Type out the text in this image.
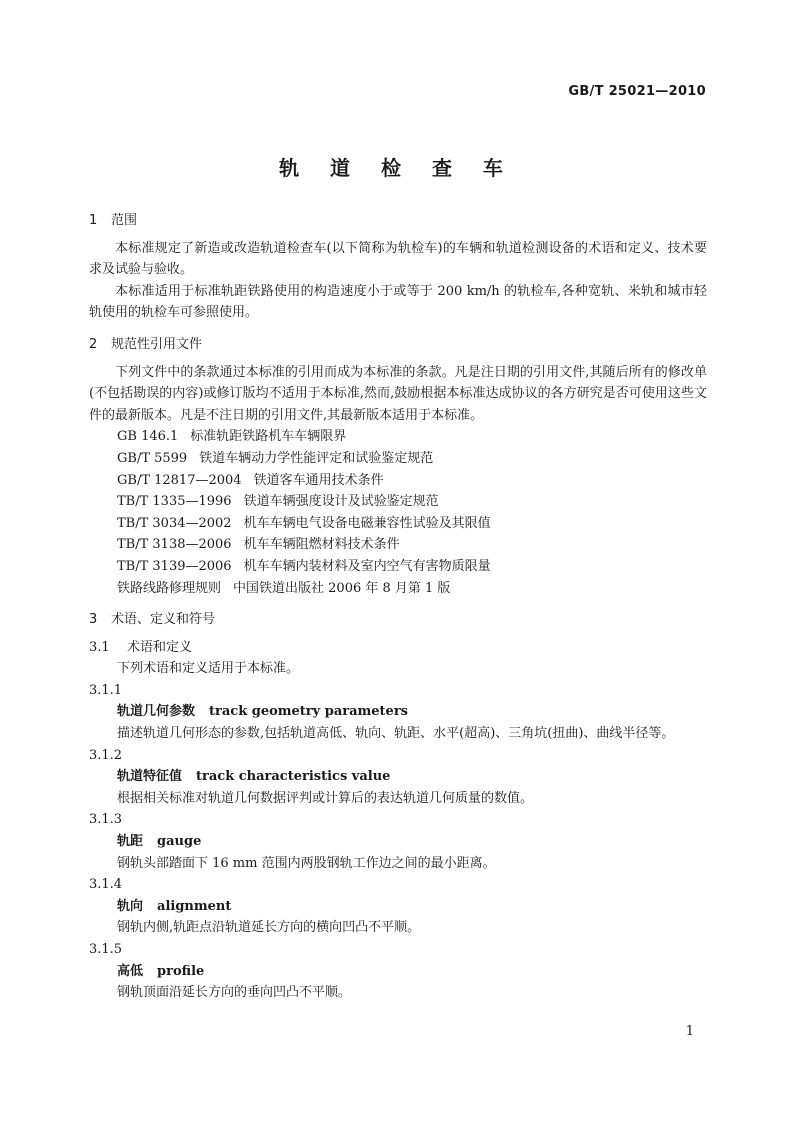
GB/T 25021—2010
轨 道 检 查 车

1 范围

本标准规定了新造或改造轨道检查车(以下简称为轨检车)的车辆和轨道检测设备的术语和定义、技术要求及试验与验收。

本标准适用于标准轨距铁路使用的构造速度小于或等于 200 km/h 的轨检车,各种宽轨、米轨和城市轻轨使用的轨检车可参照使用。

2 规范性引用文件

下列文件中的条款通过本标准的引用而成为本标准的条款。凡是注日期的引用文件,其随后所有的修改单(不包括勘误的内容)或修订版均不适用于本标准,然而,鼓励根据本标准达成协议的各方研究是否可使用这些文件的最新版本。凡是不注日期的引用文件,其最新版本适用于本标准。

GB 146.1 标准轨距铁路机车车辆限界

GB/T 5599 铁道车辆动力学性能评定和试验鉴定规范

GB/T 12817—2004 铁道客车通用技术条件

TB/T 1335—1996 铁道车辆强度设计及试验鉴定规范

TB/T 3034—2002 机车车辆电气设备电磁兼容性试验及其限值

TB/T 3138—2006 机车车辆阻燃材料技术条件

TB/T 3139—2006 机车车辆内装材料及室内空气有害物质限量

铁路线路修理规则 中国铁道出版社 2006 年 8 月第 1 版

3 术语、定义和符号

3.1 术语和定义

下列术语和定义适用于本标准。

3.1.1

轨道几何参数 track geometry parameters

描述轨道几何形态的参数,包括轨道高低、轨向、轨距、水平(超高)、三角坑(扭曲)、曲线半径等。

3.1.2

轨道特征值 track characteristics value

根据相关标准对轨道几何数据评判或计算后的表达轨道几何质量的数值。

3.1.3

轨距 gauge

钢轨头部踏面下 16 mm 范围内两股钢轨工作边之间的最小距离。

3.1.4

轨向 alignment

钢轨内侧,轨距点沿轨道延长方向的横向凹凸不平顺。

3.1.5

高低 profile

钢轨顶面沿延长方向的垂向凹凸不平顺。

1
